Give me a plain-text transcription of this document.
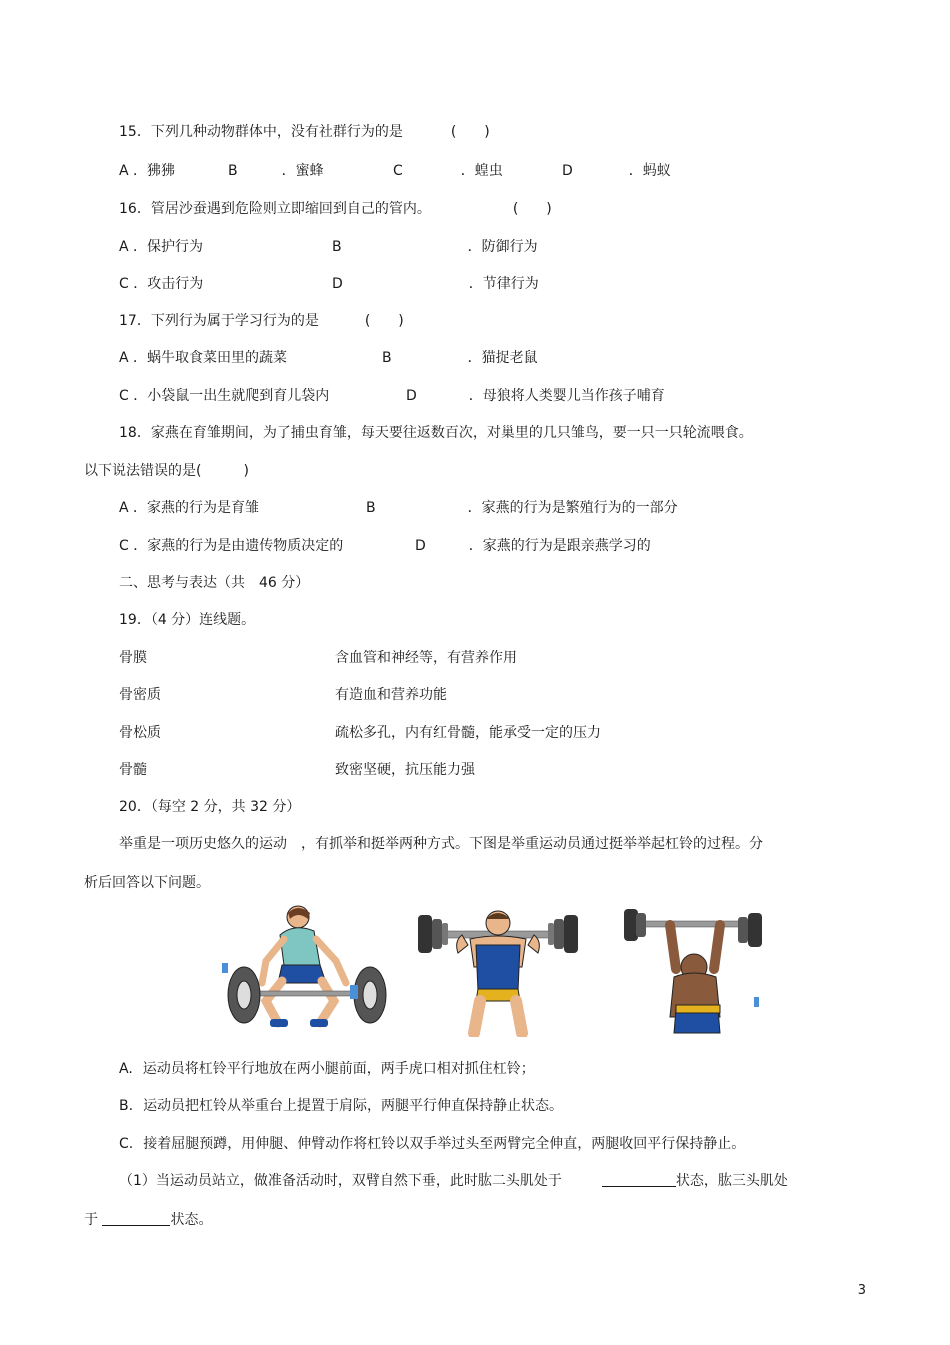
15．下列几种动物群体中，没有社群行为的是	(　　)
A ．狒狒	B	．蜜蜂	C	．蝗虫	D	．蚂蚁
16．管居沙蚕遇到危险则立即缩回到自己的管内。	(　　)
A ．保护行为	B	．防御行为
C ．攻击行为	D	．节律行为
17．下列行为属于学习行为的是	(　　)
A ．蜗牛取食菜田里的蔬菜	B	．猫捉老鼠
C ．小袋鼠一出生就爬到育儿袋内	D	．母狼将人类婴儿当作孩子哺育
18．家燕在育雏期间，为了捕虫育雏，每天要往返数百次，对巢里的几只雏鸟，要一只一只轮流喂食。
以下说法错误的是(　　　)
A ．家燕的行为是育雏	B	．家燕的行为是繁殖行为的一部分
C ．家燕的行为是由遗传物质决定的	D	．家燕的行为是跟亲燕学习的
二、思考与表达（共　46 分）
19．（4 分）连线题。
骨膜	含血管和神经等，有营养作用
骨密质	有造血和营养功能
骨松质	疏松多孔，内有红骨髓，能承受一定的压力
骨髓	致密坚硬，抗压能力强
20．（每空 2 分，共 32 分）
举重是一项历史悠久的运动　，有抓举和挺举两种方式。下图是举重运动员通过挺举举起杠铃的过程。分
析后回答以下问题。
A. 运动员将杠铃平行地放在两小腿前面，两手虎口相对抓住杠铃；
B. 运动员把杠铃从举重台上提置于肩际，两腿平行伸直保持静止状态。
C. 接着屈腿预蹲，用伸腿、伸臂动作将杠铃以双手举过头至两臂完全伸直，两腿收回平行保持静止。
（1）当运动员站立，做准备活动时，双臂自然下垂，此时肱二头肌处于	状态，肱三头肌处
于	状态。
3
